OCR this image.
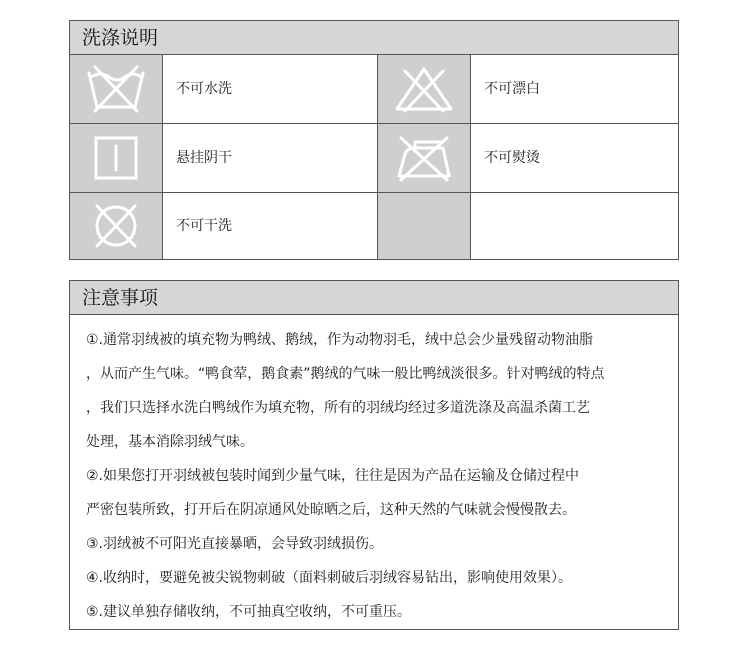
洗涤说明
不可水洗	不可漂白
悬挂阴干	不可熨烫
不可干洗
注意事项
①.通常羽绒被的填充物为鸭绒、鹅绒，作为动物羽毛，绒中总会少量残留动物油脂
，从而产生气味。“鸭食荤，鹅食素”鹅绒的气味一般比鸭绒淡很多。针对鸭绒的特点
，我们只选择水洗白鸭绒作为填充物，所有的羽绒均经过多道洗涤及高温杀菌工艺
处理，基本消除羽绒气味。
②.如果您打开羽绒被包装时闻到少量气味，往往是因为产品在运输及仓储过程中
严密包装所致，打开后在阴凉通风处晾晒之后，这种天然的气味就会慢慢散去。
③.羽绒被不可阳光直接暴晒，会导致羽绒损伤。
④.收纳时，要避免被尖锐物刺破（面料刺破后羽绒容易钻出，影响使用效果）。
⑤.建议单独存储收纳，不可抽真空收纳，不可重压。
